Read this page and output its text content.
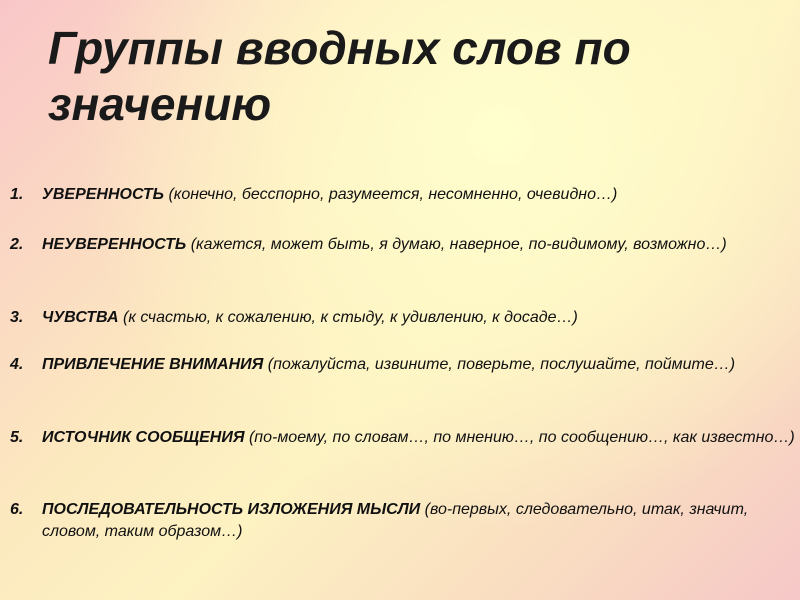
Группы вводных слов по значению
1. УВЕРЕННОСТЬ (конечно, бесспорно, разумеется, несомненно, очевидно…)
2. НЕУВЕРЕННОСТЬ (кажется, может быть, я думаю, наверное, по-видимому, возможно…)
3. ЧУВСТВА (к счастью, к сожалению, к стыду, к удивлению, к досаде…)
4. ПРИВЛЕЧЕНИЕ ВНИМАНИЯ (пожалуйста, извините, поверьте, послушайте, поймите…)
5. ИСТОЧНИК СООБЩЕНИЯ (по-моему, по словам…, по мнению…, по сообщению…, как известно…)
6. ПОСЛЕДОВАТЕЛЬНОСТЬ ИЗЛОЖЕНИЯ МЫСЛИ (во-первых, следовательно, итак, значит, словом, таким образом…)
